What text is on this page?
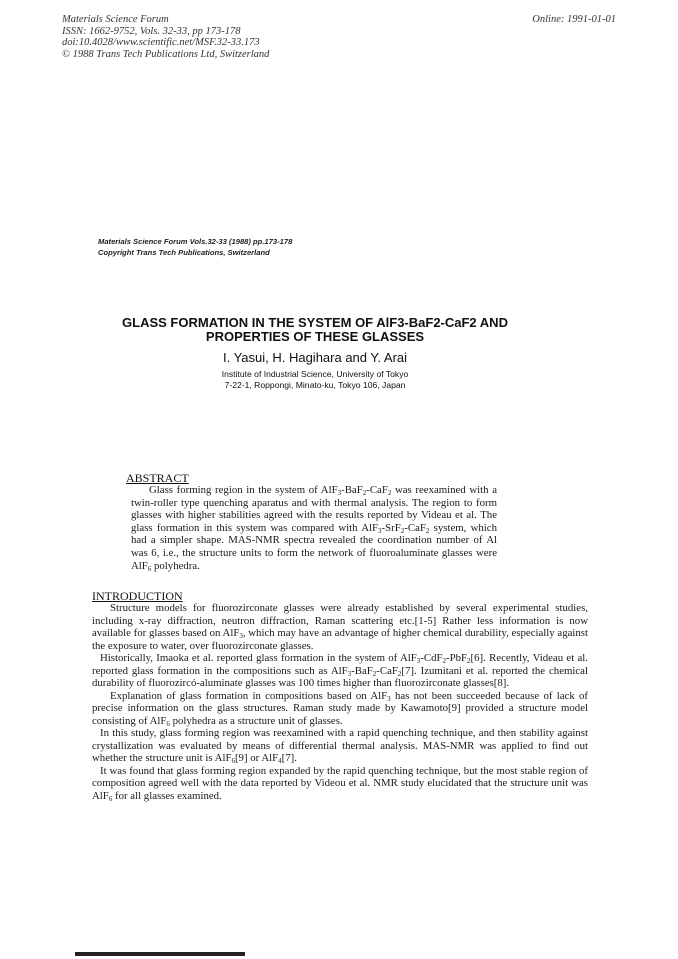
Materials Science Forum
ISSN: 1662-9752, Vols. 32-33, pp 173-178
doi:10.4028/www.scientific.net/MSF.32-33.173
© 1988 Trans Tech Publications Ltd, Switzerland
Online: 1991-01-01
Materials Science Forum Vols.32-33 (1988) pp.173-178
Copyright Trans Tech Publications, Switzerland
GLASS FORMATION IN THE SYSTEM OF AlF3-BaF2-CaF2 AND
PROPERTIES OF THESE GLASSES
I. Yasui, H. Hagihara and Y. Arai
Institute of Industrial Science, University of Tokyo
7-22-1, Roppongi, Minato-ku, Tokyo 106, Japan
ABSTRACT

Glass forming region in the system of AlF$_3$-BaF$_2$-CaF$_2$ was reexamined with a twin-roller type quenching aparatus and with thermal analysis. The region to form glasses with higher stabilities agreed with the results reported by Videau et al. The glass formation in this system was compared with AlF$_3$-SrF$_2$-CaF$_2$ system, which had a simpler shape. MAS-NMR spectra revealed the coordination number of Al was 6, i.e., the structure units to form the network of fluoroaluminate glasses were AlF$_6$ polyhedra.

INTRODUCTION

Structure models for fluorozirconate glasses were already established by several experimental studies, including x-ray diffraction, neutron diffraction, Raman scattering etc.[1-5] Rather less information is now available for glasses based on AlF$_3$, which may have an advantage of higher chemical durability, especially against the exposure to water, over fluorozirconate glasses.

Historically, Imaoka et al. reported glass formation in the system of AlF$_3$-CdF$_2$-PbF$_2$[6]. Recently, Videau et al. reported glass formation in the compositions such as AlF$_3$-BaF$_2$-CaF$_2$[7]. Izumitani et al. reported the chemical durability of fluorozircó-aluminate glasses was 100 times higher than fluorozirconate glasses[8].

Explanation of glass formation in compositions based on AlF$_3$ has not been succeeded because of lack of precise information on the glass structures. Raman study made by Kawamoto[9] provided a structure model consisting of AlF$_6$ polyhedra as a structure unit of glasses.

In this study, glass forming region was reexamined with a rapid quenching technique, and then stability against crystallization was evaluated by means of differential thermal analysis. MAS-NMR was applied to find out whether the structure unit is AlF$_6$[9] or AlF$_4$[7].

It was found that glass forming region expanded by the rapid quenching technique, but the most stable region of composition agreed well with the data reported by Videou et al. NMR study elucidated that the structure unit was AlF$_6$ for all glasses examined.
